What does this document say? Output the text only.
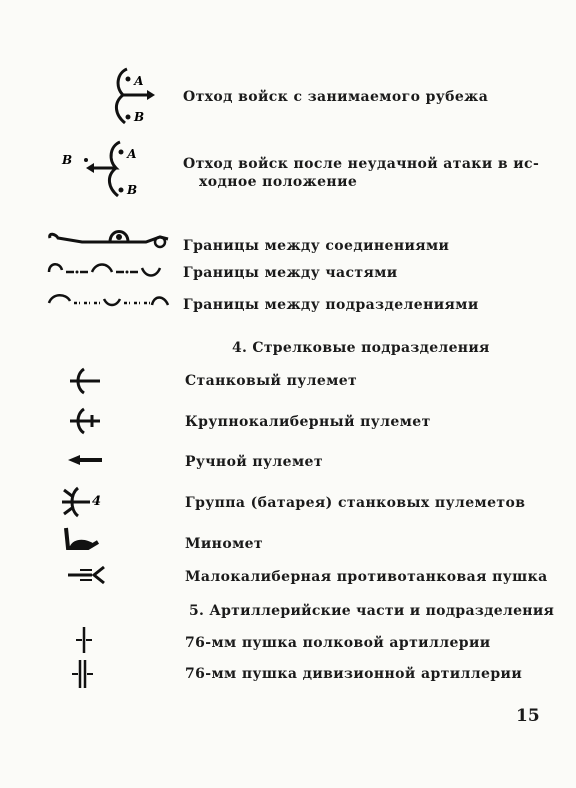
А
В
Отход войск с занимаемого рубежа
В	А
В
Отход войск после неудачной атаки в ис-
ходное положение
Границы между соединениями
Границы между частями
Границы между подразделениями
4. Стрелковые подразделения
Станковый пулемет
Крупнокалиберный пулемет
Ручной пулемет
4	Группа (батарея) станковых пулеметов
Миномет
Малокалиберная противотанковая пушка
5. Артиллерийские части и подразделения
76-мм пушка полковой артиллерии
76-мм пушка дивизионной артиллерии
15
